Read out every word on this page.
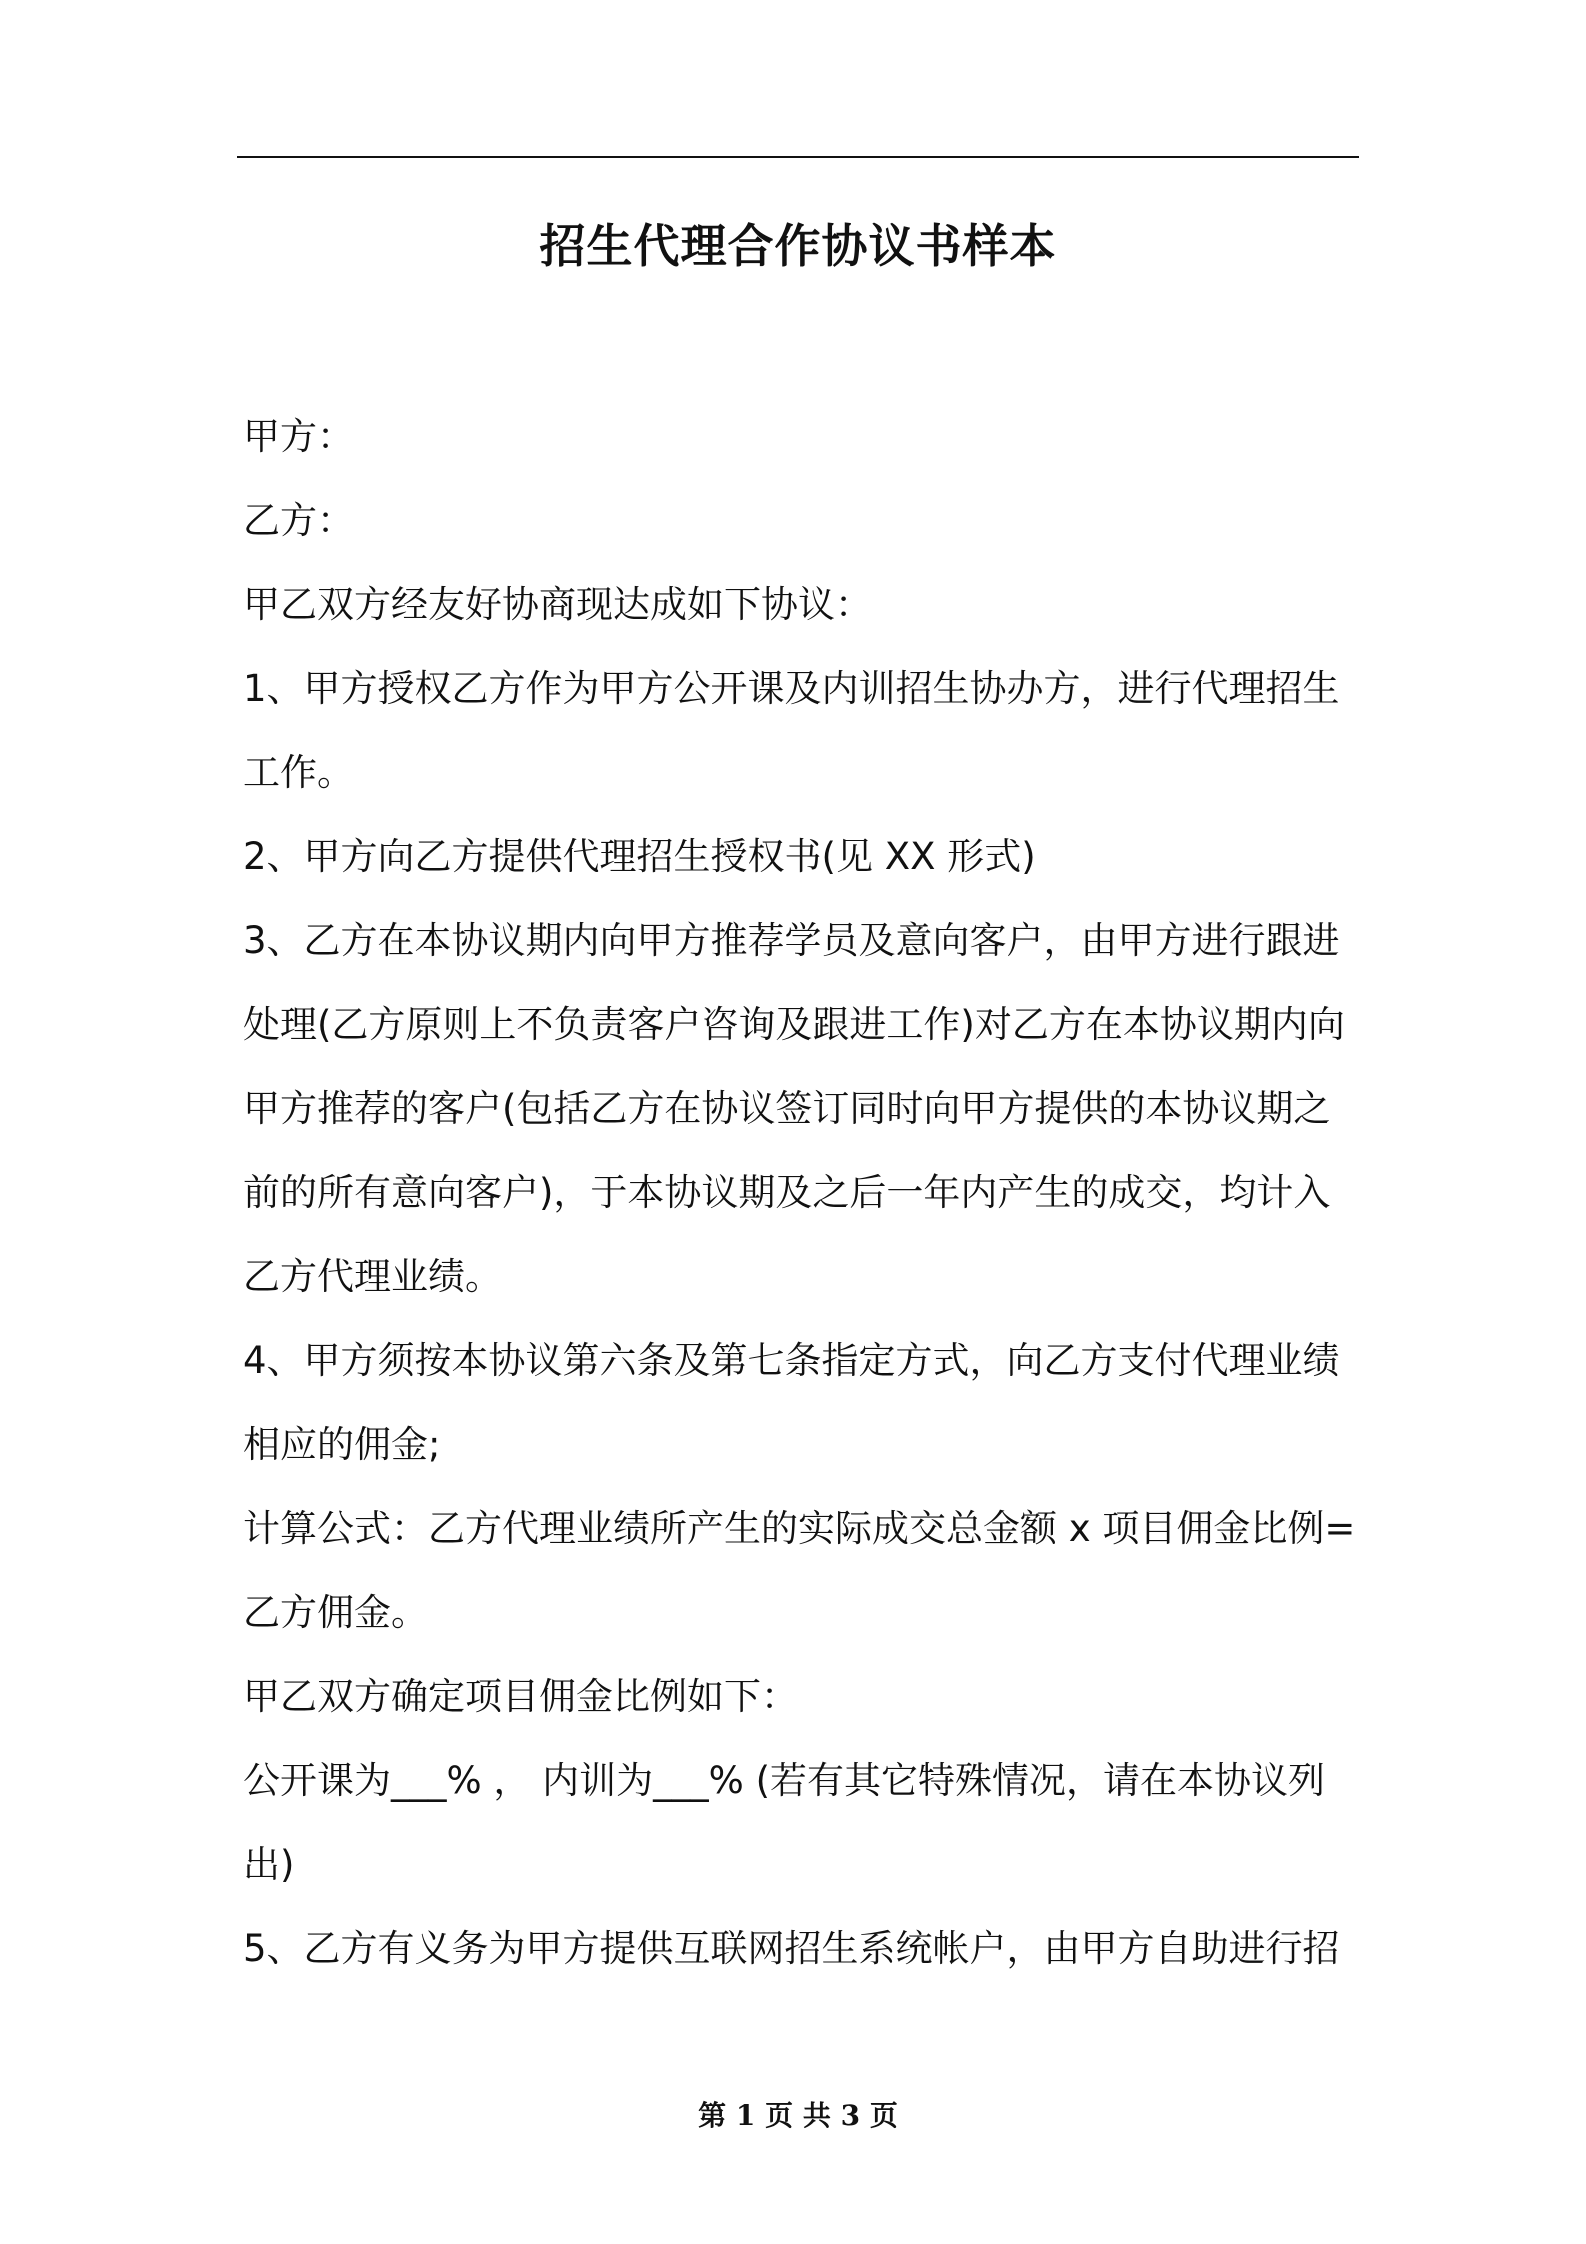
招生代理合作协议书样本

甲方：

乙方：

甲乙双方经友好协商现达成如下协议：

1、甲方授权乙方作为甲方公开课及内训招生协办方，进行代理招生工作。

2、甲方向乙方提供代理招生授权书(见 XX 形式)

3、乙方在本协议期内向甲方推荐学员及意向客户，由甲方进行跟进处理(乙方原则上不负责客户咨询及跟进工作)对乙方在本协议期内向甲方推荐的客户(包括乙方在协议签订同时向甲方提供的本协议期之前的所有意向客户)，于本协议期及之后一年内产生的成交，均计入乙方代理业绩。

4、甲方须按本协议第六条及第七条指定方式，向乙方支付代理业绩相应的佣金;

计算公式：乙方代理业绩所产生的实际成交总金额 x 项目佣金比例=乙方佣金。

甲乙双方确定项目佣金比例如下：

公开课为___% ， 内训为___% (若有其它特殊情况，请在本协议列出)

5、乙方有义务为甲方提供互联网招生系统帐户，由甲方自助进行招

第 1 页 共 3 页
